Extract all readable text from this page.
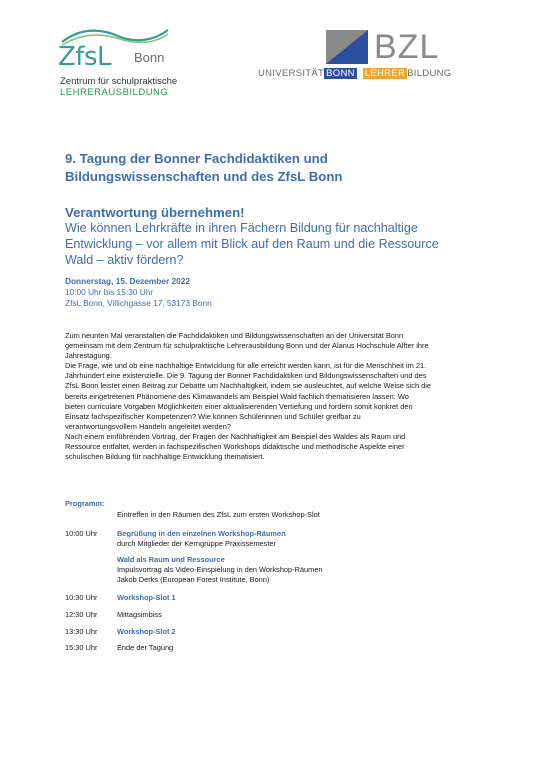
ZfsL Bonn
Zentrum für schulpraktische
LEHRERAUSBILDUNG
BZL
UNIVERSITÄT BONN LEHRER BILDUNG
9. Tagung der Bonner Fachdidaktiken und
Bildungswissenschaften und des ZfsL Bonn
Verantwortung übernehmen!
Wie können Lehrkräfte in ihren Fächern Bildung für nachhaltige
Entwicklung – vor allem mit Blick auf den Raum und die Ressource
Wald – aktiv fördern?
Donnerstag, 15. Dezember 2022
10:00 Uhr bis 15:30 Uhr
ZfsL Bonn, Villichgasse 17, 53173 Bonn

Zum neunten Mal veranstalten die Fachdidaktiken und Bildungswissenschaften an der Universität Bonn

gemeinsam mit dem Zentrum für schulpraktische Lehrerausbildung Bonn und der Alanus Hochschule Alfter ihre

Jahrestagung.

Die Frage, wie und ob eine nachhaltige Entwicklung für alle erreicht werden kann, ist für die Menschheit im 21.

Jahrhundert eine existenzielle. Die 9. Tagung der Bonner Fachdidaktiken und Bildungswissenschaften und des

ZfsL Bonn leistet einen Beitrag zur Debatte um Nachhaltigkeit, indem sie ausleuchtet, auf welche Weise sich die

bereits eingetretenen Phänomene des Klimawandels am Beispiel Wald fachlich thematisieren lassen: Wo

bieten curriculare Vorgaben Möglichkeiten einer aktualisierenden Vertiefung und fordern somit konkret den

Einsatz fachspezifischer Kompetenzen? Wie können Schülerinnen und Schüler greifbar zu

verantwortungsvollem Handeln angeleitet werden?

Nach einem einführenden Vortrag, der Fragen der Nachhaltigkeit am Beispiel des Waldes als Raum und

Ressource entfaltet, werden in fachspezifischen Workshops didaktische und methodische Aspekte einer

schulischen Bildung für nachhaltige Entwicklung thematisiert.

Programm:
Eintreffen in den Räumen des ZfsL zum ersten Workshop-Slot
10:00 Uhr	Begrüßung in den einzelnen Workshop-Räumen
durch Mitglieder der Kerngruppe Praxissemester
Wald als Raum und Ressource
Impulsvortrag als Video-Einspielung in den Workshop-Räumen
Jakob Derks (European Forest Institute, Bonn)
10:30 Uhr	Workshop-Slot 1
12:30 Uhr	Mittagsimbiss
13:30 Uhr	Workshop-Slot 2
15:30 Uhr	Ende der Tagung
